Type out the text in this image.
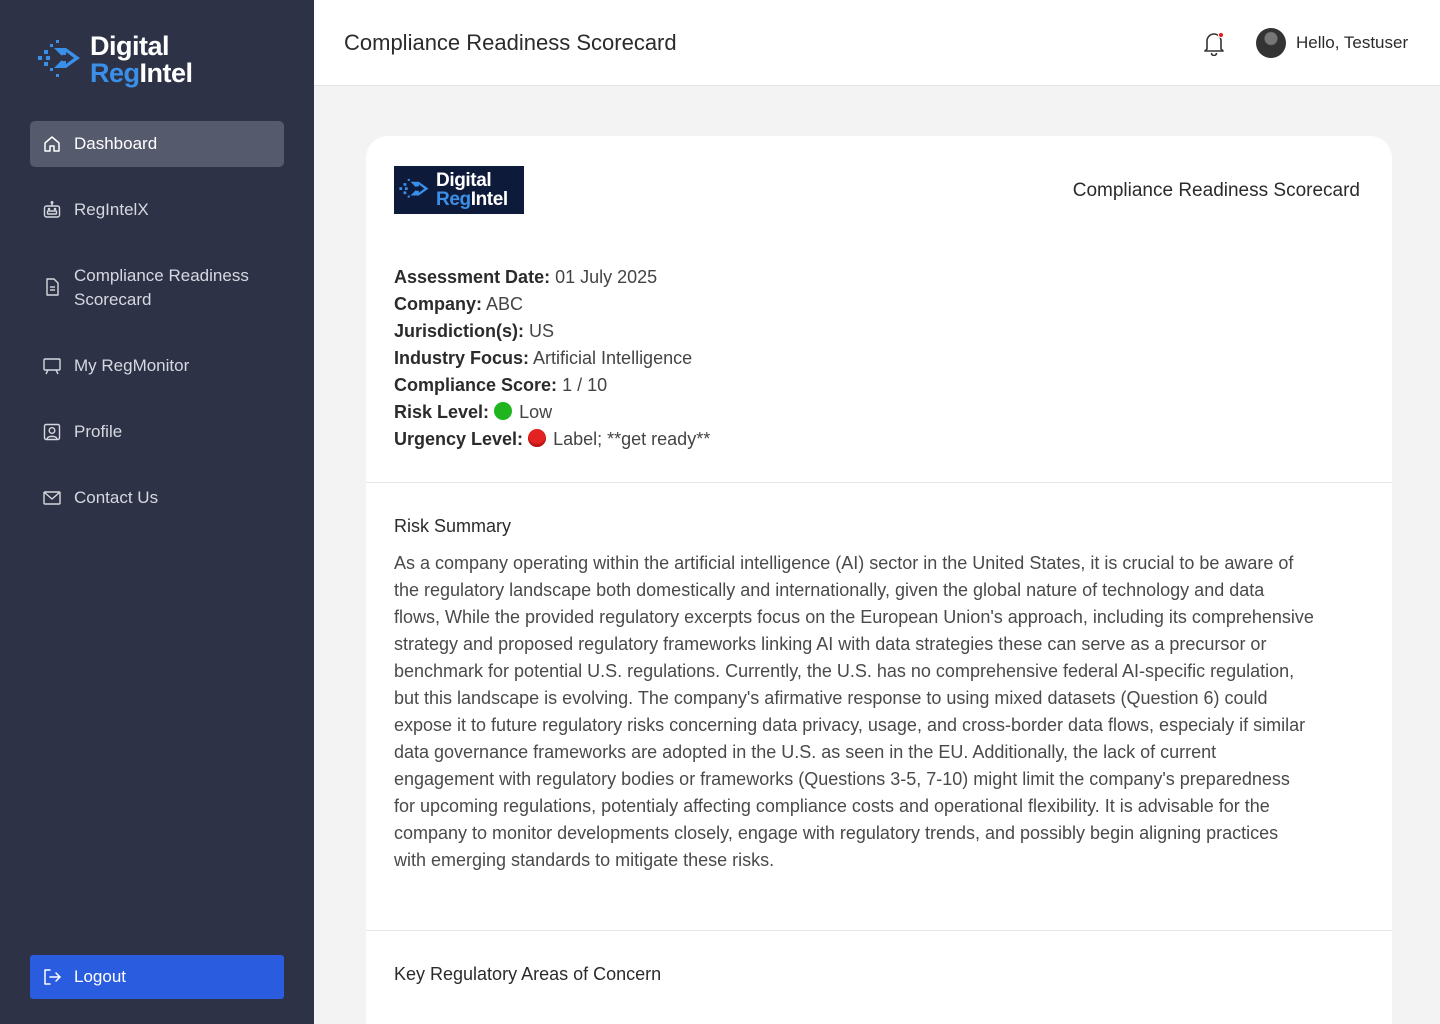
Digital
RegIntel
Dashboard
RegIntelX
Compliance Readiness Scorecard
My RegMonitor
Profile
Contact Us
Logout
Compliance Readiness Scorecard	Hello, Testuser
Digital
RegIntel	Compliance Readiness Scorecard
Assessment Date: 01 July 2025
Company: ABC
Jurisdiction(s): US
Industry Focus: Artificial Intelligence
Compliance Score: 1 / 10
Risk Level: Low
Urgency Level: Label; **get ready**
Risk Summary

As a company operating within the artificial intelligence (AI) sector in the United States, it is crucial to be aware of the regulatory landscape both domestically and internationally, given the global nature of technology and data flows, While the provided regulatory excerpts focus on the European Union's approach, including its comprehensive strategy and proposed regulatory frameworks linking AI with data strategies these can serve as a precursor or benchmark for potential U.S. regulations. Currently, the U.S. has no comprehensive federal AI-specific regulation, but this landscape is evolving. The company's afirmative response to using mixed datasets (Question 6) could expose it to future regulatory risks concerning data privacy, usage, and cross-border data flows, especialy if similar data governance frameworks are adopted in the U.S. as seen in the EU. Additionally, the lack of current engagement with regulatory bodies or frameworks (Questions 3-5, 7-10) might limit the company's preparedness for upcoming regulations, potentialy affecting compliance costs and operational flexibility. It is advisable for the company to monitor developments closely, engage with regulatory trends, and possibly begin aligning practices with emerging standards to mitigate these risks.

Key Regulatory Areas of Concern
